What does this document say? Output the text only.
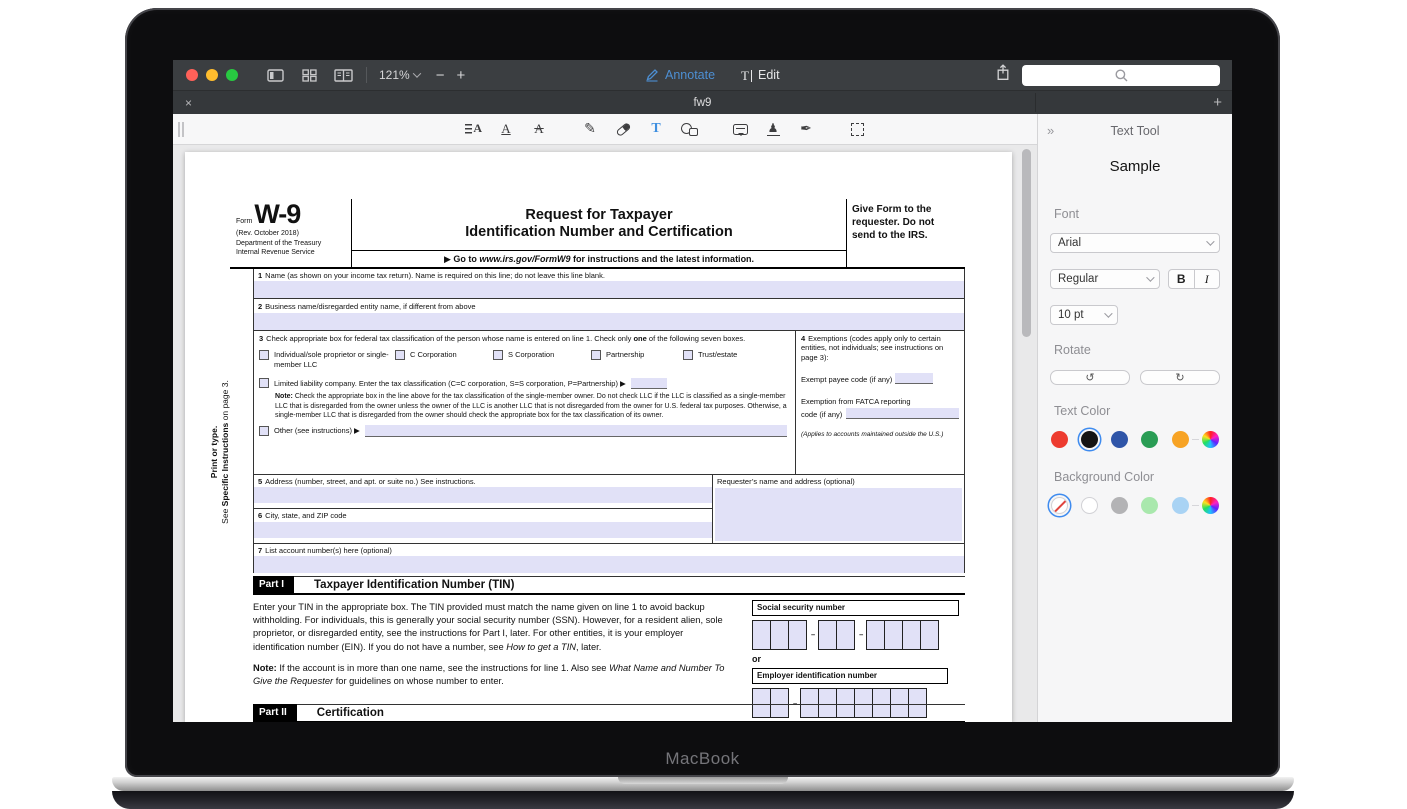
121%	− +	Annotate T Edit
×	fw9	+
A
A A	✎	T	♟ ✒
FormW-9
(Rev. October 2018)
Department of the Treasury
Internal Revenue Service
Request for Taxpayer
Identification Number and Certification
▶ Go to www.irs.gov/FormW9 for instructions and the latest information.
Give Form to the requester. Do not send to the IRS.
Print or type.
See Specific Instructions on page 3.
1 Name (as shown on your income tax return). Name is required on this line; do not leave this line blank.
2 Business name/disregarded entity name, if different from above
3 Check appropriate box for federal tax classification of the person whose name is entered on line 1. Check only one of the following seven boxes.
Individual/sole proprietor or single-member LLC
C Corporation	S Corporation	Partnership	Trust/estate
Limited liability company. Enter the tax classification (C=C corporation, S=S corporation, P=Partnership) ▶
Note: Check the appropriate box in the line above for the tax classification of the single-member owner. Do not check LLC if the LLC is classified as a single-member LLC that is disregarded from the owner unless the owner of the LLC is another LLC that is not disregarded from the owner for U.S. federal tax purposes. Otherwise, a single-member LLC that is disregarded from the owner should check the appropriate box for the tax classification of its owner.
Other (see instructions) ▶
4 Exemptions (codes apply only to certain entities, not individuals; see instructions on page 3):
Exempt payee code (if any)
Exemption from FATCA reporting
code (if any)
(Applies to accounts maintained outside the U.S.)
5 Address (number, street, and apt. or suite no.) See instructions.
6 City, state, and ZIP code
Requester’s name and address (optional)
7 List account number(s) here (optional)
Part I	Taxpayer Identification Number (TIN)
Enter your TIN in the appropriate box. The TIN provided must match the name given on line 1 to avoid backup withholding. For individuals, this is generally your social security number (SSN). However, for a resident alien, sole proprietor, or disregarded entity, see the instructions for Part I, later. For other entities, it is your employer identification number (EIN). If you do not have a number, see How to get a TIN, later.
Note: If the account is in more than one name, see the instructions for line 1. Also see What Name and Number To Give the Requester for guidelines on whose number to enter.
Social security number
–	–
or
Employer identification number
–
Part II	Certification
»	Text Tool
Sample
Font
Arial
Regular	B	I
10 pt
Rotate
↺	↻
Text Color
Background Color
MacBook
